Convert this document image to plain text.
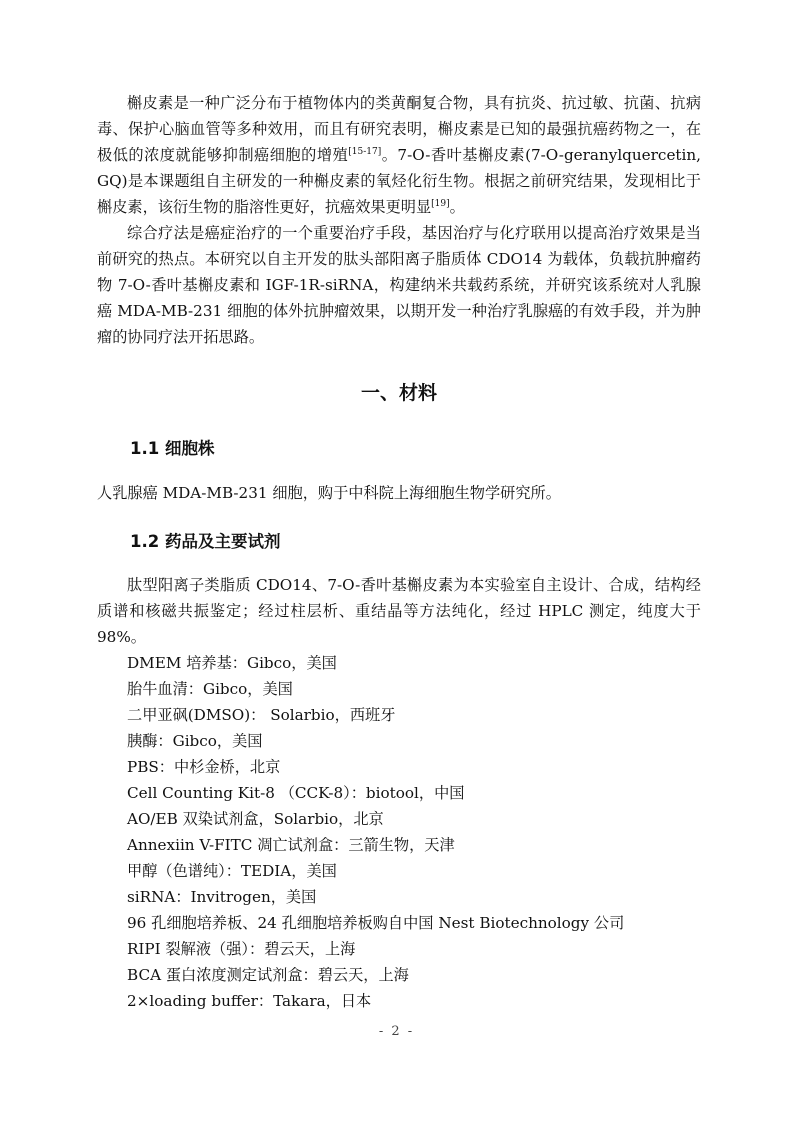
槲皮素是一种广泛分布于植物体内的类黄酮复合物，具有抗炎、抗过敏、抗菌、抗病毒、保护心脑血管等多种效用，而且有研究表明，槲皮素是已知的最强抗癌药物之一，在极低的浓度就能够抑制癌细胞的增殖[15-17]。7-O-香叶基槲皮素(7-O-geranylquercetin, GQ)是本课题组自主研发的一种槲皮素的氧烃化衍生物。根据之前研究结果，发现相比于槲皮素，该衍生物的脂溶性更好，抗癌效果更明显[19]。

综合疗法是癌症治疗的一个重要治疗手段，基因治疗与化疗联用以提高治疗效果是当前研究的热点。本研究以自主开发的肽头部阳离子脂质体 CDO14 为载体，负载抗肿瘤药物 7-O-香叶基槲皮素和 IGF-1R-siRNA，构建纳米共载药系统，并研究该系统对人乳腺癌 MDA-MB-231 细胞的体外抗肿瘤效果，以期开发一种治疗乳腺癌的有效手段，并为肿瘤的协同疗法开拓思路。

一、材料
1.1 细胞株

人乳腺癌 MDA-MB-231 细胞，购于中科院上海细胞生物学研究所。

1.2 药品及主要试剂

肽型阳离子类脂质 CDO14、7-O-香叶基槲皮素为本实验室自主设计、合成，结构经质谱和核磁共振鉴定；经过柱层析、重结晶等方法纯化，经过 HPLC 测定，纯度大于 98%。

DMEM 培养基：Gibco，美国

胎牛血清：Gibco，美国

二甲亚砜(DMSO)： Solarbio，西班牙

胰酶：Gibco，美国

PBS：中杉金桥，北京

Cell Counting Kit-8 （CCK-8）：biotool，中国

AO/EB 双染试剂盒，Solarbio，北京

Annexiin V-FITC 凋亡试剂盒：三箭生物，天津

甲醇（色谱纯）：TEDIA，美国

siRNA：Invitrogen，美国

96 孔细胞培养板、24 孔细胞培养板购自中国 Nest Biotechnology 公司

RIPI 裂解液（强）：碧云天，上海

BCA 蛋白浓度测定试剂盒：碧云天，上海

2×loading buffer：Takara，日本

- 2 -
